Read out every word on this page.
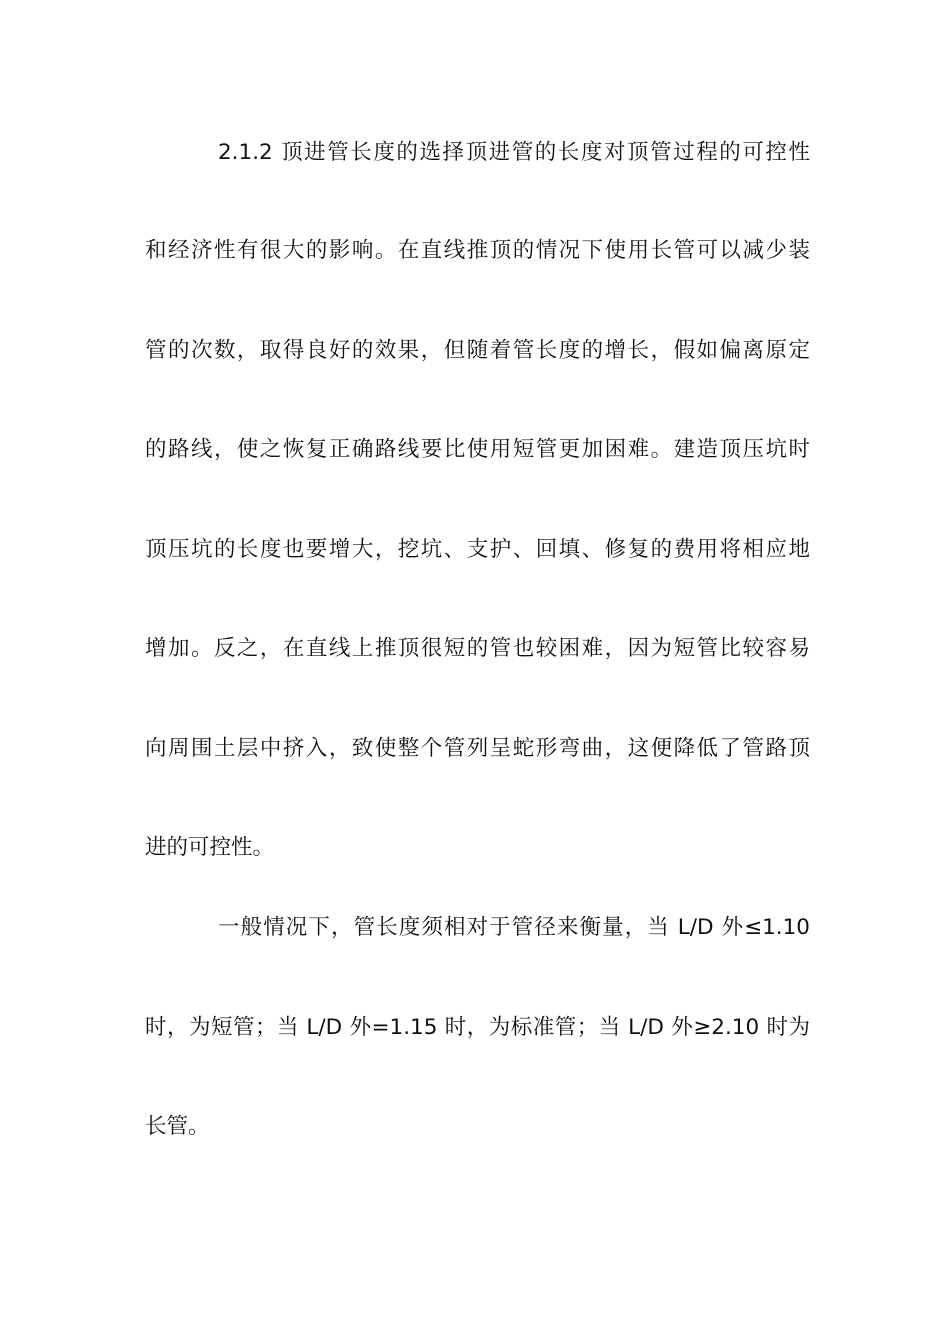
2.1.2 顶进管长度的选择顶进管的长度对顶管过程的可控性
和经济性有很大的影响。在直线推顶的情况下使用长管可以减少装
管的次数，取得良好的效果，但随着管长度的增长，假如偏离原定
的路线，使之恢复正确路线要比使用短管更加困难。建造顶压坑时
顶压坑的长度也要增大，挖坑、支护、回填、修复的费用将相应地
增加。反之，在直线上推顶很短的管也较困难，因为短管比较容易
向周围土层中挤入，致使整个管列呈蛇形弯曲，这便降低了管路顶
进的可控性。
一般情况下，管长度须相对于管径来衡量，当 L/D 外≤1.10
时，为短管；当 L/D 外=1.15 时，为标准管；当 L/D 外≥2.10 时为
长管。
